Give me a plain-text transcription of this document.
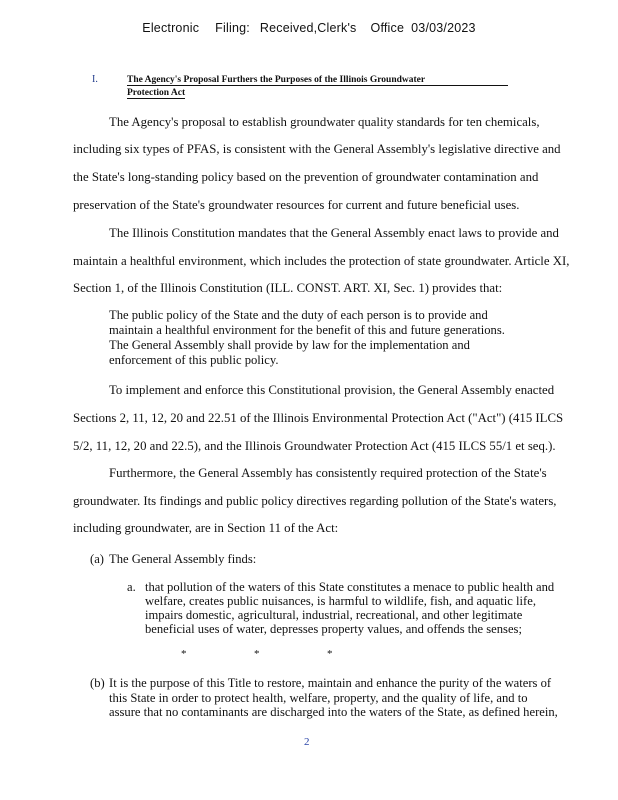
Electronic Filing: Received,Clerk's Office 03/03/2023
I.	The Agency's Proposal Furthers the Purposes of the Illinois Groundwater
Protection Act
The Agency's proposal to establish groundwater quality standards for ten chemicals,
including six types of PFAS, is consistent with the General Assembly's legislative directive and
the State's long-standing policy based on the prevention of groundwater contamination and
preservation of the State's groundwater resources for current and future beneficial uses.
The Illinois Constitution mandates that the General Assembly enact laws to provide and
maintain a healthful environment, which includes the protection of state groundwater. Article XI,
Section 1, of the Illinois Constitution (ILL. CONST. ART. XI, Sec. 1) provides that:
The public policy of the State and the duty of each person is to provide and
maintain a healthful environment for the benefit of this and future generations.
The General Assembly shall provide by law for the implementation and
enforcement of this public policy.
To implement and enforce this Constitutional provision, the General Assembly enacted
Sections 2, 11, 12, 20 and 22.51 of the Illinois Environmental Protection Act ("Act") (415 ILCS
5/2, 11, 12, 20 and 22.5), and the Illinois Groundwater Protection Act (415 ILCS 55/1 et seq.).
Furthermore, the General Assembly has consistently required protection of the State's
groundwater. Its findings and public policy directives regarding pollution of the State's waters,
including groundwater, are in Section 11 of the Act:
(a) The General Assembly finds:
a. that pollution of the waters of this State constitutes a menace to public health and
welfare, creates public nuisances, is harmful to wildlife, fish, and aquatic life,
impairs domestic, agricultural, industrial, recreational, and other legitimate
beneficial uses of water, depresses property values, and offends the senses;
*	*	*
(b) It is the purpose of this Title to restore, maintain and enhance the purity of the waters of
this State in order to protect health, welfare, property, and the quality of life, and to
assure that no contaminants are discharged into the waters of the State, as defined herein,
2
